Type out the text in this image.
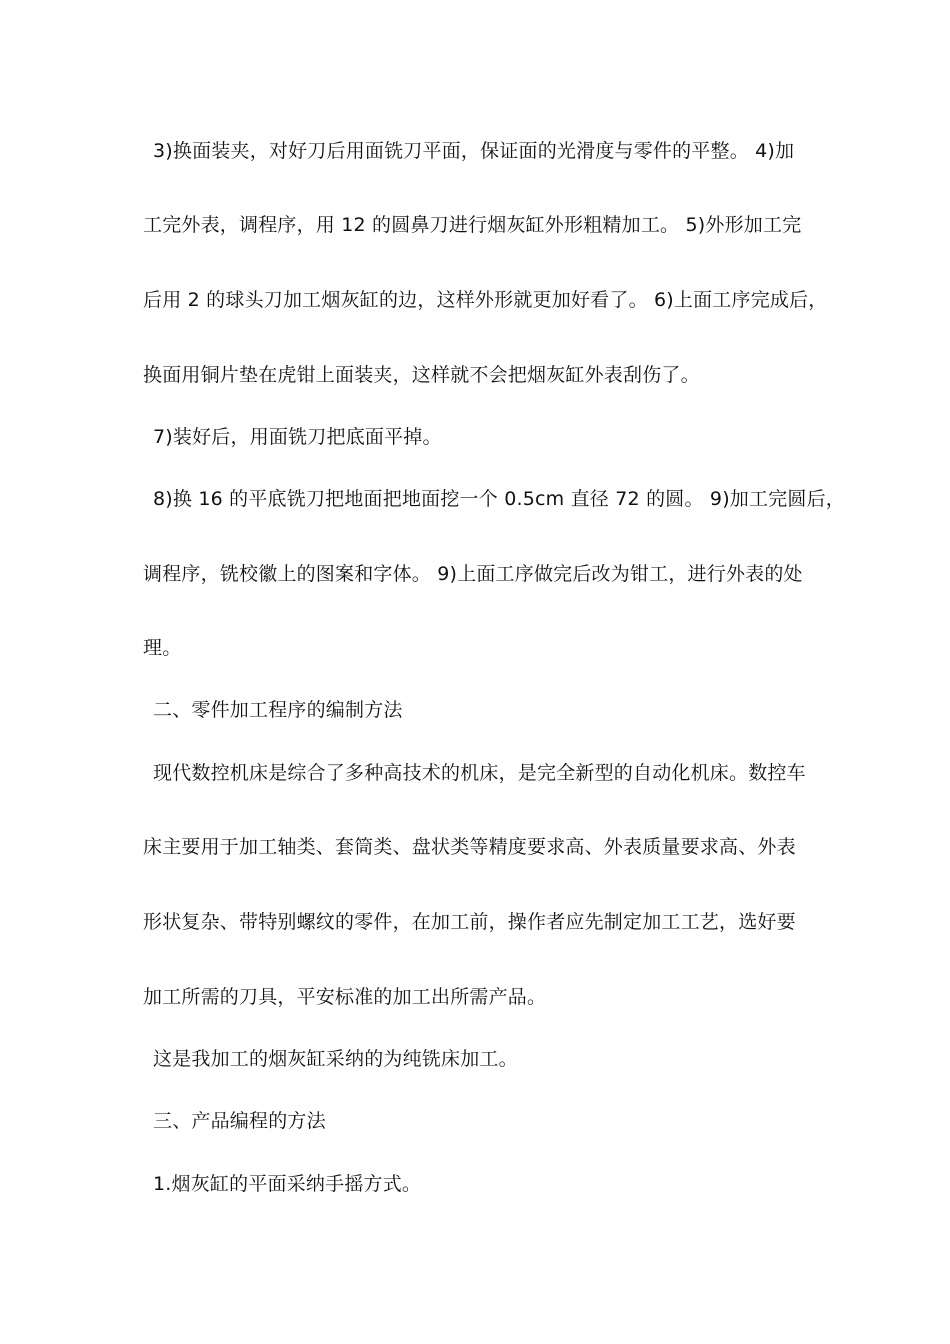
3)换面装夹，对好刀后用面铣刀平面，保证面的光滑度与零件的平整。 4)加
工完外表，调程序，用 12 的圆鼻刀进行烟灰缸外形粗精加工。 5)外形加工完
后用 2 的球头刀加工烟灰缸的边，这样外形就更加好看了。 6)上面工序完成后，
换面用铜片垫在虎钳上面装夹，这样就不会把烟灰缸外表刮伤了。
7)装好后，用面铣刀把底面平掉。
8)换 16 的平底铣刀把地面把地面挖一个 0.5cm 直径 72 的圆。 9)加工完圆后，
调程序，铣校徽上的图案和字体。 9)上面工序做完后改为钳工，进行外表的处
理。
二、零件加工程序的编制方法
现代数控机床是综合了多种高技术的机床，是完全新型的自动化机床。数控车
床主要用于加工轴类、套筒类、盘状类等精度要求高、外表质量要求高、外表
形状复杂、带特别螺纹的零件，在加工前，操作者应先制定加工工艺，选好要
加工所需的刀具，平安标准的加工出所需产品。
这是我加工的烟灰缸采纳的为纯铣床加工。
三、产品编程的方法
1.烟灰缸的平面采纳手摇方式。
